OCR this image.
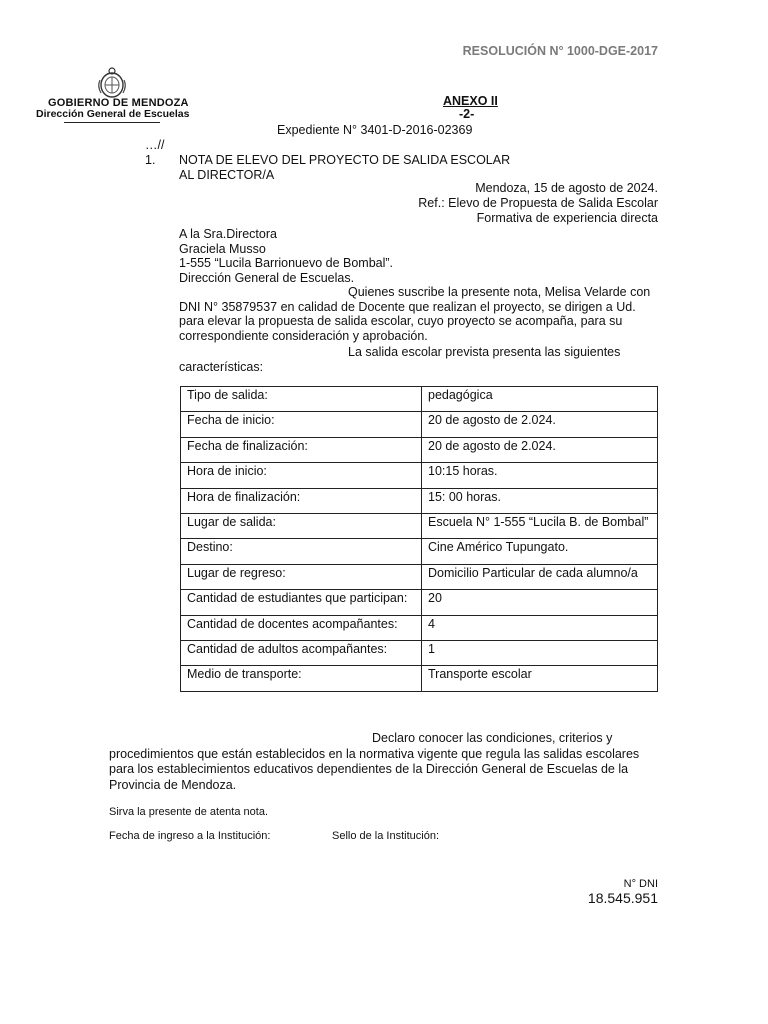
RESOLUCIÓN N° 1000-DGE-2017
GOBIERNO DE MENDOZA
Dirección General de Escuelas
ANEXO II
-2-
Expediente N° 3401-D-2016-02369
…//
1. NOTA DE ELEVO DEL PROYECTO DE SALIDA ESCOLAR
AL DIRECTOR/A
Mendoza, 15 de agosto de 2024.
Ref.: Elevo de Propuesta de Salida Escolar
Formativa de experiencia directa
A la Sra.Directora
Graciela Musso
1-555 “Lucila Barrionuevo de Bombal”.
Dirección General de Escuelas.
Quienes suscribe la presente nota, Melisa Velarde con DNI N° 35879537 en calidad de Docente que realizan el proyecto, se dirigen a Ud. para elevar la propuesta de salida escolar, cuyo proyecto se acompaña, para su correspondiente consideración y aprobación.
La salida escolar prevista presenta las siguientes características:
Tipo de salida:	pedagógica
Fecha de inicio:	20 de agosto de 2.024.
Fecha de finalización:	20 de agosto de 2.024.
Hora de inicio:	10:15 horas.
Hora de finalización:	15: 00 horas.
Lugar de salida:	Escuela N° 1-555 “Lucila B. de Bombal”
Destino:	Cine Américo Tupungato.
Lugar de regreso:	Domicilio Particular de cada alumno/a
Cantidad de estudiantes que participan:	20
Cantidad de docentes acompañantes:	4
Cantidad de adultos acompañantes:	1
Medio de transporte:	Transporte escolar
Declaro conocer las condiciones, criterios y procedimientos que están establecidos en la normativa vigente que regula las salidas escolares para los establecimientos educativos dependientes de la Dirección General de Escuelas de la Provincia de Mendoza.
Sirva la presente de atenta nota.
Fecha de ingreso a la Institución:	Sello de la Institución:
N° DNI
18.545.951
